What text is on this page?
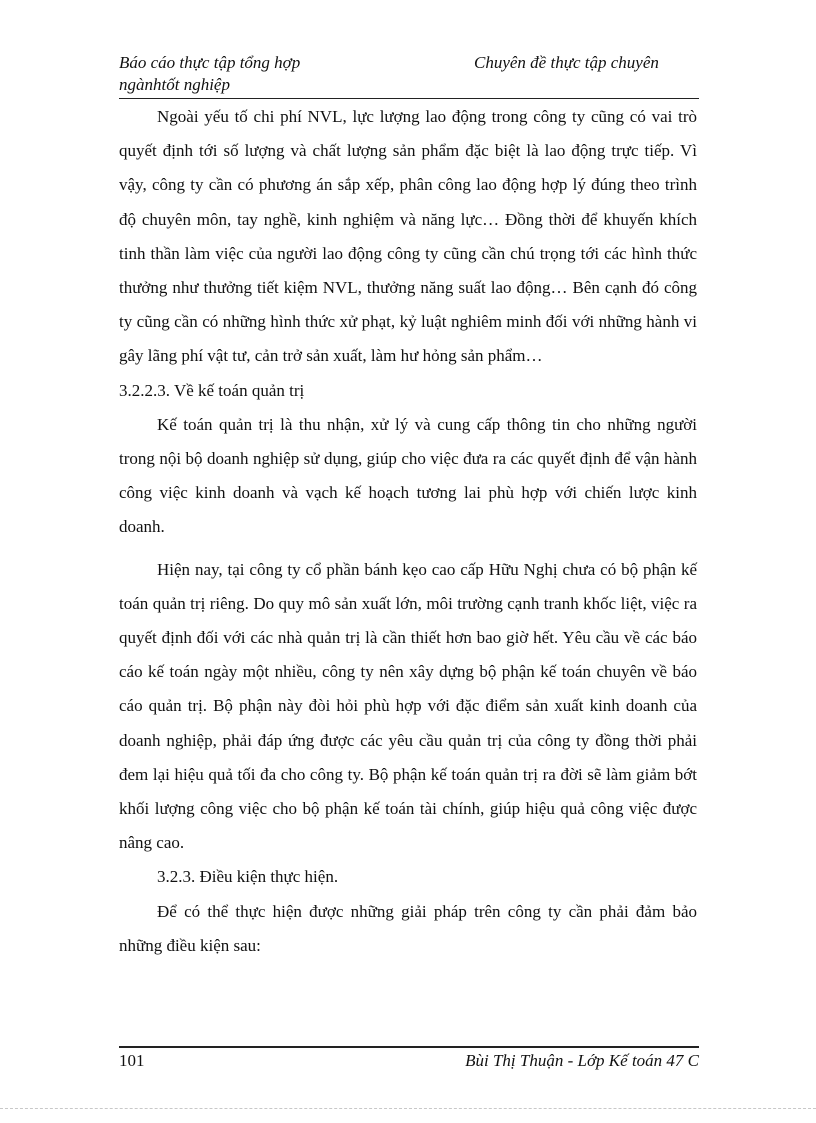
Báo cáo thực tập tổng hợp
ngànhtốt nghiệp
Chuyên đề thực tập chuyên

Ngoài yếu tố chi phí NVL, lực lượng lao động trong công ty cũng có vai trò quyết định tới số lượng và chất lượng sản phẩm đặc biệt là lao động trực tiếp. Vì vậy, công ty cần có phương án sắp xếp, phân công lao động hợp lý đúng theo trình độ chuyên môn, tay nghề, kinh nghiệm và năng lực… Đồng thời để khuyến khích tinh thần làm việc của người lao động công ty cũng cần chú trọng tới các hình thức thưởng như thưởng tiết kiệm NVL, thưởng năng suất lao động… Bên cạnh đó công ty cũng cần có những hình thức xử phạt, kỷ luật nghiêm minh đối với những hành vi gây lãng phí vật tư, cản trở sản xuất, làm hư hỏng sản phẩm…

3.2.2.3. Về kế toán quản trị

Kế toán quản trị là thu nhận, xử lý và cung cấp thông tin cho những người trong nội bộ doanh nghiệp sử dụng, giúp cho việc đưa ra các quyết định để vận hành công việc kinh doanh và vạch kế hoạch tương lai phù hợp với chiến lược kinh doanh.

Hiện nay, tại công ty cổ phần bánh kẹo cao cấp Hữu Nghị chưa có bộ phận kế toán quản trị riêng. Do quy mô sản xuất lớn, môi trường cạnh tranh khốc liệt, việc ra quyết định đối với các nhà quản trị là cần thiết hơn bao giờ hết. Yêu cầu về các báo cáo kế toán ngày một nhiều, công ty nên xây dựng bộ phận kế toán chuyên về báo cáo quản trị. Bộ phận này đòi hỏi phù hợp với đặc điểm sản xuất kinh doanh của doanh nghiệp, phải đáp ứng được các yêu cầu quản trị của công ty đồng thời phải đem lại hiệu quả tối đa cho công ty. Bộ phận kế toán quản trị ra đời sẽ làm giảm bớt khối lượng công việc cho bộ phận kế toán tài chính, giúp hiệu quả công việc được nâng cao.

3.2.3. Điều kiện thực hiện.

Để có thể thực hiện được những giải pháp trên công ty cần phải đảm bảo những điều kiện sau:

101	Bùi Thị Thuận - Lớp Kế toán 47 C
